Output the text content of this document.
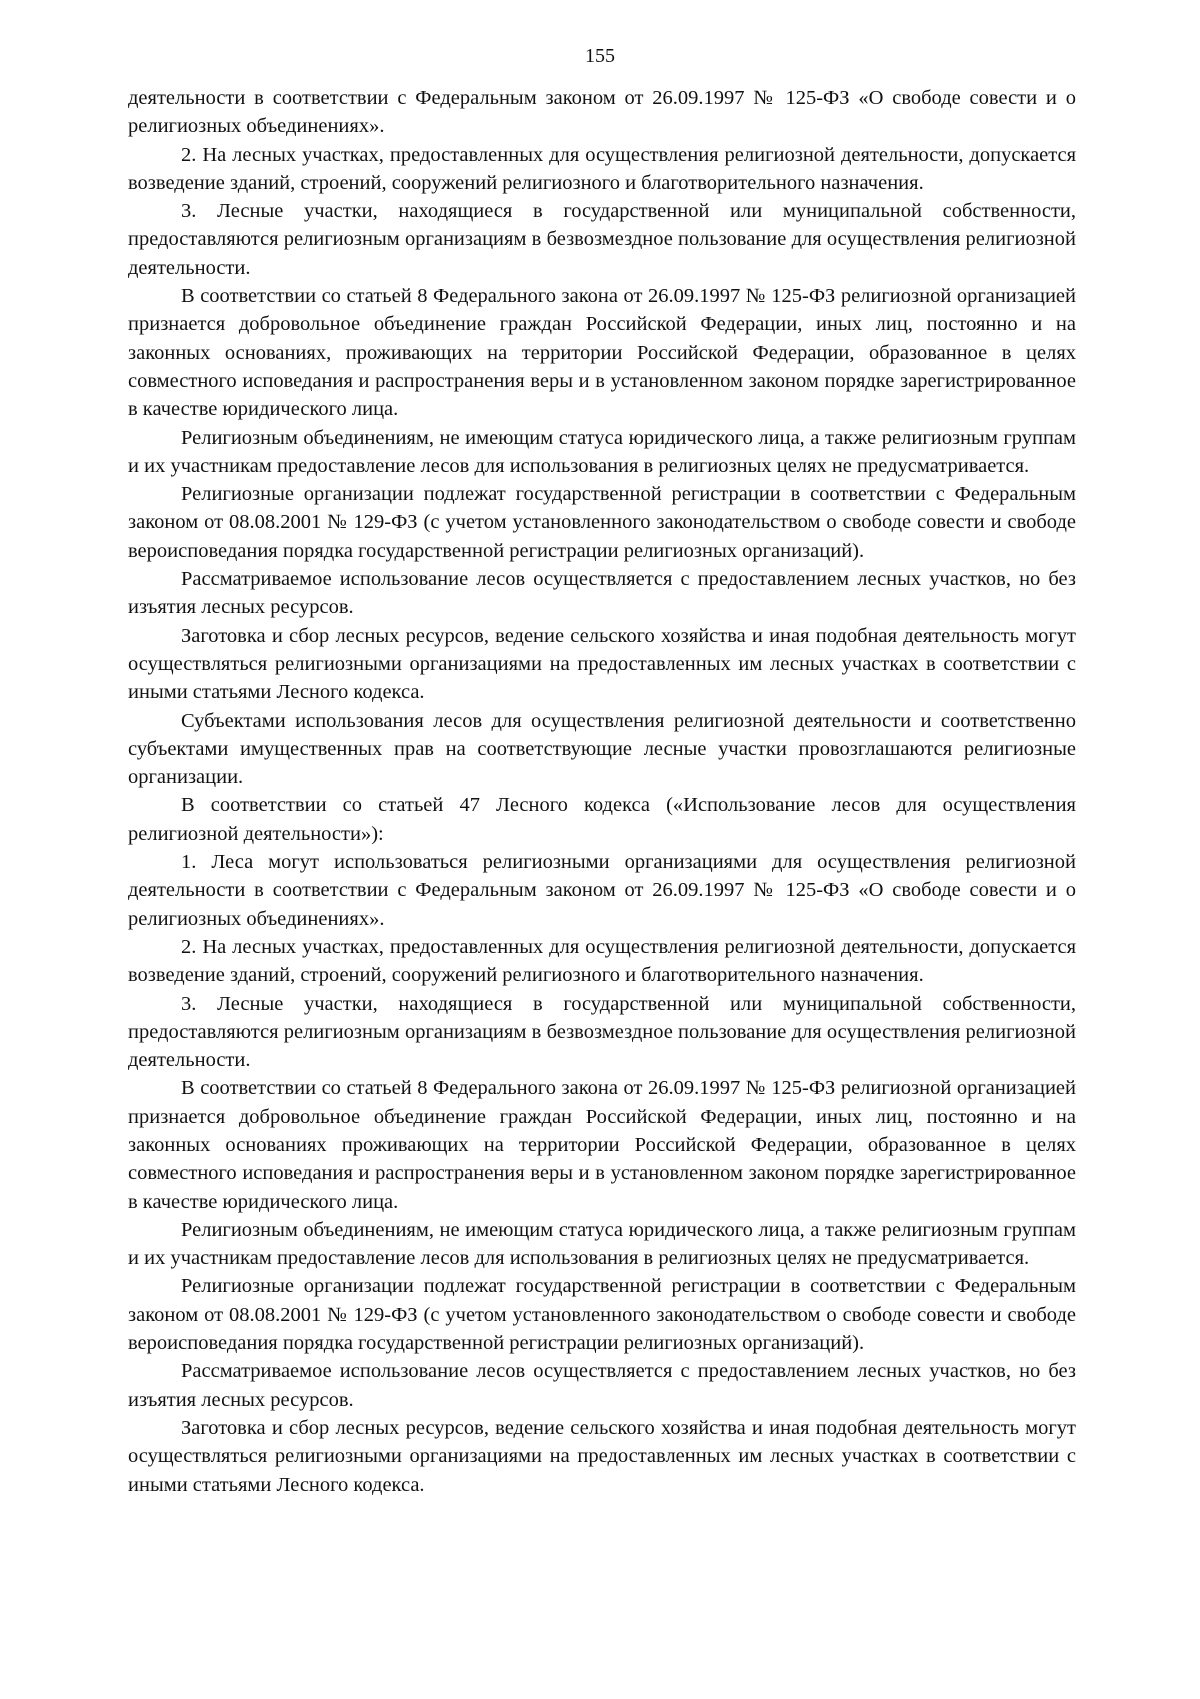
155

деятельности в соответствии с Федеральным законом от 26.09.1997 № 125-ФЗ «О свободе совести и о религиозных объединениях».

2. На лесных участках, предоставленных для осуществления религиозной деятельности, допускается возведение зданий, строений, сооружений религиозного и благотворительного назначения.

3. Лесные участки, находящиеся в государственной или муниципальной собственности, предоставляются религиозным организациям в безвозмездное пользование для осуществления религиозной деятельности.

В соответствии со статьей 8 Федерального закона от 26.09.1997 № 125-ФЗ религиозной организацией признается добровольное объединение граждан Российской Федерации, иных лиц, постоянно и на законных основаниях, проживающих на территории Российской Федерации, образованное в целях совместного исповедания и распространения веры и в установленном законом порядке зарегистрированное в качестве юридического лица.

Религиозным объединениям, не имеющим статуса юридического лица, а также религиозным группам и их участникам предоставление лесов для использования в религиозных целях не предусматривается.

Религиозные организации подлежат государственной регистрации в соответствии с Федеральным законом от 08.08.2001 № 129-ФЗ (с учетом установленного законодательством о свободе совести и свободе вероисповедания порядка государственной регистрации религиозных организаций).

Рассматриваемое использование лесов осуществляется с предоставлением лесных участков, но без изъятия лесных ресурсов.

Заготовка и сбор лесных ресурсов, ведение сельского хозяйства и иная подобная деятельность могут осуществляться религиозными организациями на предоставленных им лесных участках в соответствии с иными статьями Лесного кодекса.

Субъектами использования лесов для осуществления религиозной деятельности и соответственно субъектами имущественных прав на соответствующие лесные участки провозглашаются религиозные организации.

В соответствии со статьей 47 Лесного кодекса («Использование лесов для осуществления религиозной деятельности»):

1. Леса могут использоваться религиозными организациями для осуществления религиозной деятельности в соответствии с Федеральным законом от 26.09.1997 № 125-ФЗ «О свободе совести и о религиозных объединениях».

2. На лесных участках, предоставленных для осуществления религиозной деятельности, допускается возведение зданий, строений, сооружений религиозного и благотворительного назначения.

3. Лесные участки, находящиеся в государственной или муниципальной собственности, предоставляются религиозным организациям в безвозмездное пользование для осуществления религиозной деятельности.

В соответствии со статьей 8 Федерального закона от 26.09.1997 № 125-ФЗ религиозной организацией признается добровольное объединение граждан Российской Федерации, иных лиц, постоянно и на законных основаниях проживающих на территории Российской Федерации, образованное в целях совместного исповедания и распространения веры и в установленном законом порядке зарегистрированное в качестве юридического лица.

Религиозным объединениям, не имеющим статуса юридического лица, а также религиозным группам и их участникам предоставление лесов для использования в религиозных целях не предусматривается.

Религиозные организации подлежат государственной регистрации в соответствии с Федеральным законом от 08.08.2001 № 129-ФЗ (с учетом установленного законодательством о свободе совести и свободе вероисповедания порядка государственной регистрации религиозных организаций).

Рассматриваемое использование лесов осуществляется с предоставлением лесных участков, но без изъятия лесных ресурсов.

Заготовка и сбор лесных ресурсов, ведение сельского хозяйства и иная подобная деятельность могут осуществляться религиозными организациями на предоставленных им лесных участках в соответствии с иными статьями Лесного кодекса.
